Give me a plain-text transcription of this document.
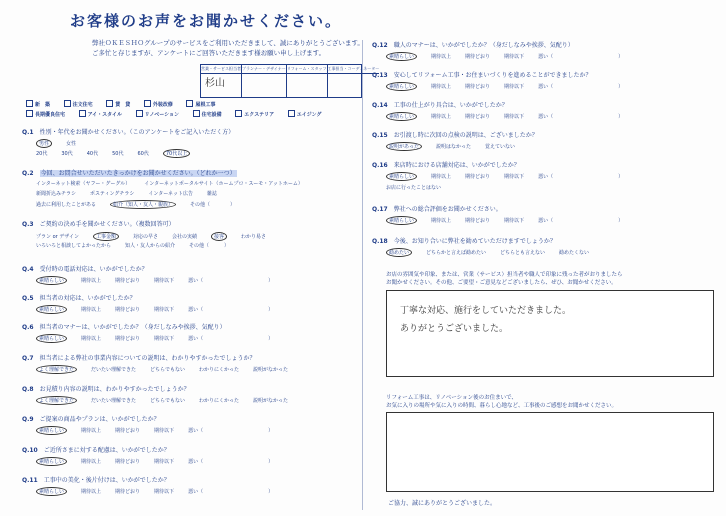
お客様のお声をお聞かせください。
弊社ＯＫＥＳＨＯグループのサービスをご利用いただきまして、誠にありがとうございます。
ご多忙と存じますが、アンケートにご回答いただきます様お願い申し上げます。
営業・サービス担当者
杉山
プランナー・デザイナー リフォーム・スタッフ 工事担当・コーディネーター
新　築	注文住宅	賃　貸	外装改修	屋根工事
長期優良住宅	アイ・スタイル	リノベーション	住宅設備	エクステリア	エイジング
Q.1　 性別・年代をお聞かせください。（このアンケートをご記入いただく方）
男性	女性
20代	30代	40代	50代	60代	70代以上
Q.2　 今回、お問合せいただいたきっかけをお聞かせください。（どれか一つ）
インターネット検索（ヤフー・グーグル）	インターネットポータルサイト（ホームプロ・スーモ・アットホーム）
新聞折込みチラシ	ポスティングチラシ	インターネット広告	雑誌
過去に利用したことがある	紹介（知人・友人・親族）	その他（　　　　）
Q.3　 ご契約の決め手を聞かせください。（複数回答可）
プラン or デザイン	工事金額	対応の早さ	会社の実績	接客	わかり易さ
いろいろと相談してよかったから	知人・友人からの紹介	その他（　　　）
Q.4　 受付時の電話対応は、いかがでしたか？
素晴らしい	期待以上	期待どおり	期待以下	悪い（　　　　　　　　　　　　　）
Q.5　 担当者の対応は、いかがでしたか？
素晴らしい	期待以上	期待どおり	期待以下	悪い（　　　　　　　　　　　　　）
Q.6　 担当者のマナーは、いかがでしたか？（身だしなみや挨拶、気配り）
素晴らしい	期待以上	期待どおり	期待以下	悪い（　　　　　　　　　　　　　）
Q.7　 担当者による弊社の事業内容についての説明は、わかりやすかったでしょうか？
よく理解できた	だいたい理解できた	どちらでもない	わかりにくかった	説明がなかった
Q.8　 お見積り内容の説明は、わかりやすかったでしょうか？
よく理解できた	だいたい理解できた	どちらでもない	わかりにくかった	説明がなかった
Q.9　 ご提案の商品やプランは、いかがでしたか？
素晴らしい	期待以上	期待どおり	期待以下	悪い（　　　　　　　　　　　　　）
Q.10　 ご近所さまに対する配慮は、いかがでしたか？
素晴らしい	期待以上	期待どおり	期待以下	悪い（　　　　　　　　　　　　　）
Q.11　 工事中の美化・後片付けは、いかがでしたか？
素晴らしい	期待以上	期待どおり	期待以下	悪い（　　　　　　　　　　　　　）
Q.12　 職人のマナーは、いかがでしたか？（身だしなみや挨拶、気配り）
素晴らしい	期待以上	期待どおり	期待以下	悪い（　　　　　　　　　　　　　）
Q.13　 安心してリフォーム工事・お住まいづくりを進めることができましたか？
素晴らしい	期待以上	期待どおり	期待以下	悪い（　　　　　　　　　　　　　）
Q.14　 工事の仕上がり具合は、いかがでしたか？
素晴らしい	期待以上	期待どおり	期待以下	悪い（　　　　　　　　　　　　　）
Q.15　 お引渡し時に次回の点検の説明は、ございましたか？
説明があった	説明はなかった	覚えていない
Q.16　 来店時における店舗対応は、いかがでしたか？
素晴らしい	期待以上	期待どおり	期待以下	悪い（　　　　　　　　　　　　　）
お店に行ったことはない
Q.17　 弊社への総合評価をお聞かせください。
素晴らしい	期待以上	期待どおり	期待以下	悪い（　　　　　　　　　　　　　）
Q.18　 今後、お知り合いに弊社を勧めていただけますでしょうか？
勧めたい	どちらかと言えば勧めたい	どちらとも言えない	勧めたくない
お店の雰囲気や印象、または、営業（サービス）担当者や職人で印象に残った者がおりましたら
お聞かせください。その他、ご要望・ご意見などございましたら、ぜひ、お聞かせください。
丁寧な対応、施行をしていただきました。
ありがとうございました。
リフォーム工事は、リノベーション後のお住まいで、
お気に入りの場所や気に入りの時間、暮らし心地など、工事後のご感想をお聞かせください。
ご協力、誠にありがとうございました。
